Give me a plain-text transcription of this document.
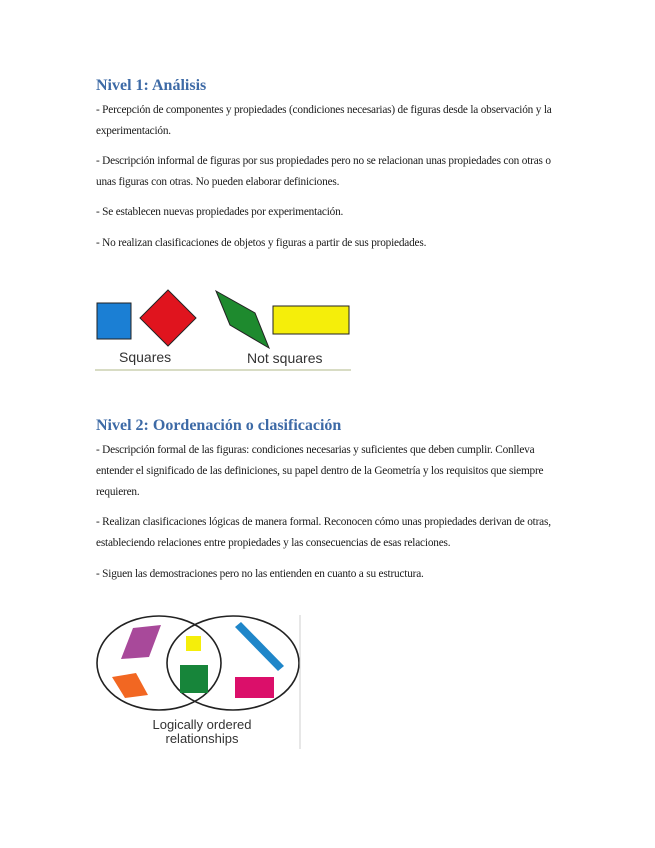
Nivel 1: Análisis

- Percepción de componentes y propiedades (condiciones necesarias) de figuras desde la observación y la experimentación.

- Descripción informal de figuras por sus propiedades pero no se relacionan unas propiedades con otras o unas figuras con otras. No pueden elaborar definiciones.

- Se establecen nuevas propiedades por experimentación.

- No realizan clasificaciones de objetos y figuras a partir de sus propiedades.

Squares	Not squares
Nivel 2: Oordenación o clasificación

- Descripción formal de las figuras: condiciones necesarias y suficientes que deben cumplir. Conlleva entender el significado de las definiciones, su papel dentro de la Geometría y los requisitos que siempre requieren.

- Realizan clasificaciones lógicas de manera formal. Reconocen cómo unas propiedades derivan de otras, estableciendo relaciones entre propiedades y las consecuencias de esas relaciones.

- Siguen las demostraciones pero no las entienden en cuanto a su estructura.

Logically ordered
relationships
